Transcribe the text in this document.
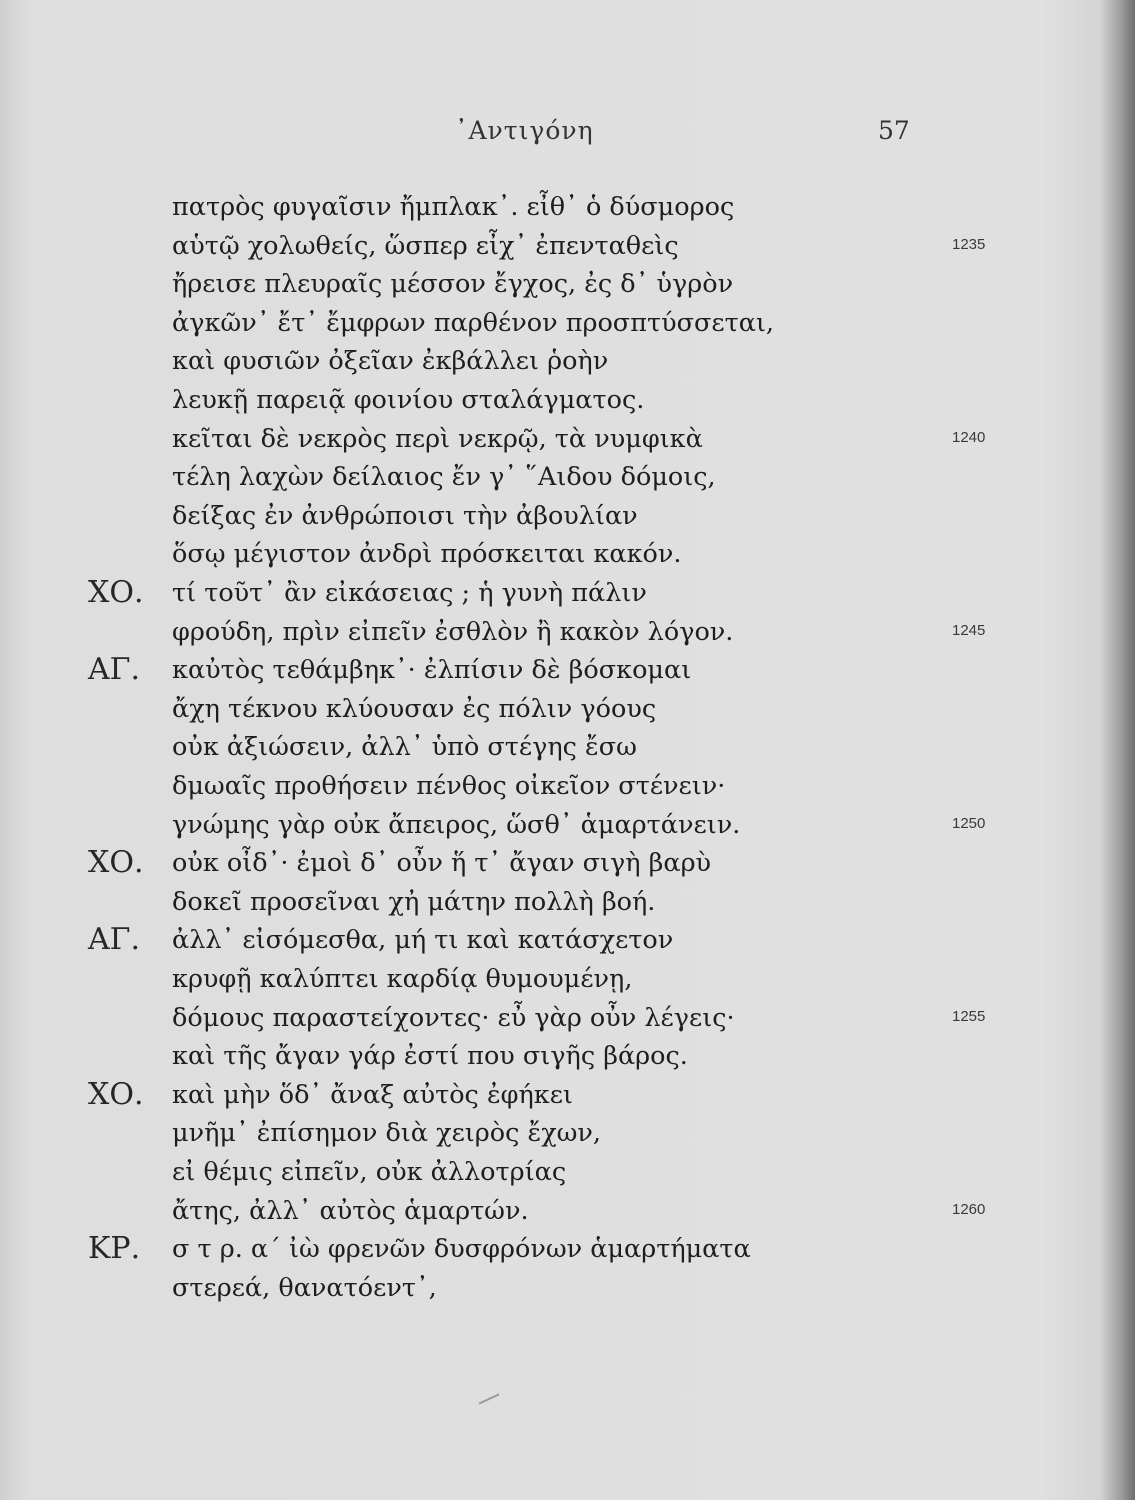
᾿Αντιγόνη	57
πατρὸς φυγαῖσιν ἤμπλακ᾿. εἶθ᾿ ὁ δύσμορος
αὑτῷ χολωθείς, ὥσπερ εἶχ᾿ ἐπενταθεὶς	1235
ἤρεισε πλευραῖς μέσσον ἔγχος, ἐς δ᾿ ὑγρὸν
ἀγκῶν᾿ ἔτ᾿ ἔμφρων παρθένον προσπτύσσεται,
καὶ φυσιῶν ὀξεῖαν ἐκβάλλει ῥοὴν
λευκῇ παρειᾷ φοινίου σταλάγματος.
κεῖται δὲ νεκρὸς περὶ νεκρῷ, τὰ νυμφικὰ	1240
τέλη λαχὼν δείλαιος ἔν γ᾿ ῞Αιδου δόμοις,
δείξας ἐν ἀνθρώποισι τὴν ἀβουλίαν
ὅσῳ μέγιστον ἀνδρὶ πρόσκειται κακόν.
ΧΟ. τί τοῦτ᾿ ἂν εἰκάσειας ; ἡ γυνὴ πάλιν
φρούδη, πρὶν εἰπεῖν ἐσθλὸν ἢ κακὸν λόγον.	1245
ΑΓ. καὐτὸς τεθάμβηκ᾿· ἐλπίσιν δὲ βόσκομαι
ἄχη τέκνου κλύουσαν ἐς πόλιν γόους
οὐκ ἀξιώσειν, ἀλλ᾿ ὑπὸ στέγης ἔσω
δμωαῖς προθήσειν πένθος οἰκεῖον στένειν·
γνώμης γὰρ οὐκ ἄπειρος, ὥσθ᾿ ἁμαρτάνειν.	1250
ΧΟ. οὐκ οἶδ᾿· ἐμοὶ δ᾿ οὖν ἥ τ᾿ ἄγαν σιγὴ βαρὺ
δοκεῖ προσεῖναι χἠ μάτην πολλὴ βοή.
ΑΓ. ἀλλ᾿ εἰσόμεσθα, μή τι καὶ κατάσχετον
κρυφῇ καλύπτει καρδίᾳ θυμουμένῃ,
δόμους παραστείχοντες· εὖ γὰρ οὖν λέγεις·	1255
καὶ τῆς ἄγαν γάρ ἐστί που σιγῆς βάρος.
ΧΟ. καὶ μὴν ὅδ᾿ ἄναξ αὐτὸς ἐφήκει
μνῆμ᾿ ἐπίσημον διὰ χειρὸς ἔχων,
εἰ θέμις εἰπεῖν, οὐκ ἀλλοτρίας
ἄτης, ἀλλ᾿ αὐτὸς ἁμαρτών.	1260
ΚΡ. σ τ ρ. α΄ ἰὼ φρενῶν δυσφρόνων ἁμαρτήματα
στερεά, θανατόεντ᾿,
